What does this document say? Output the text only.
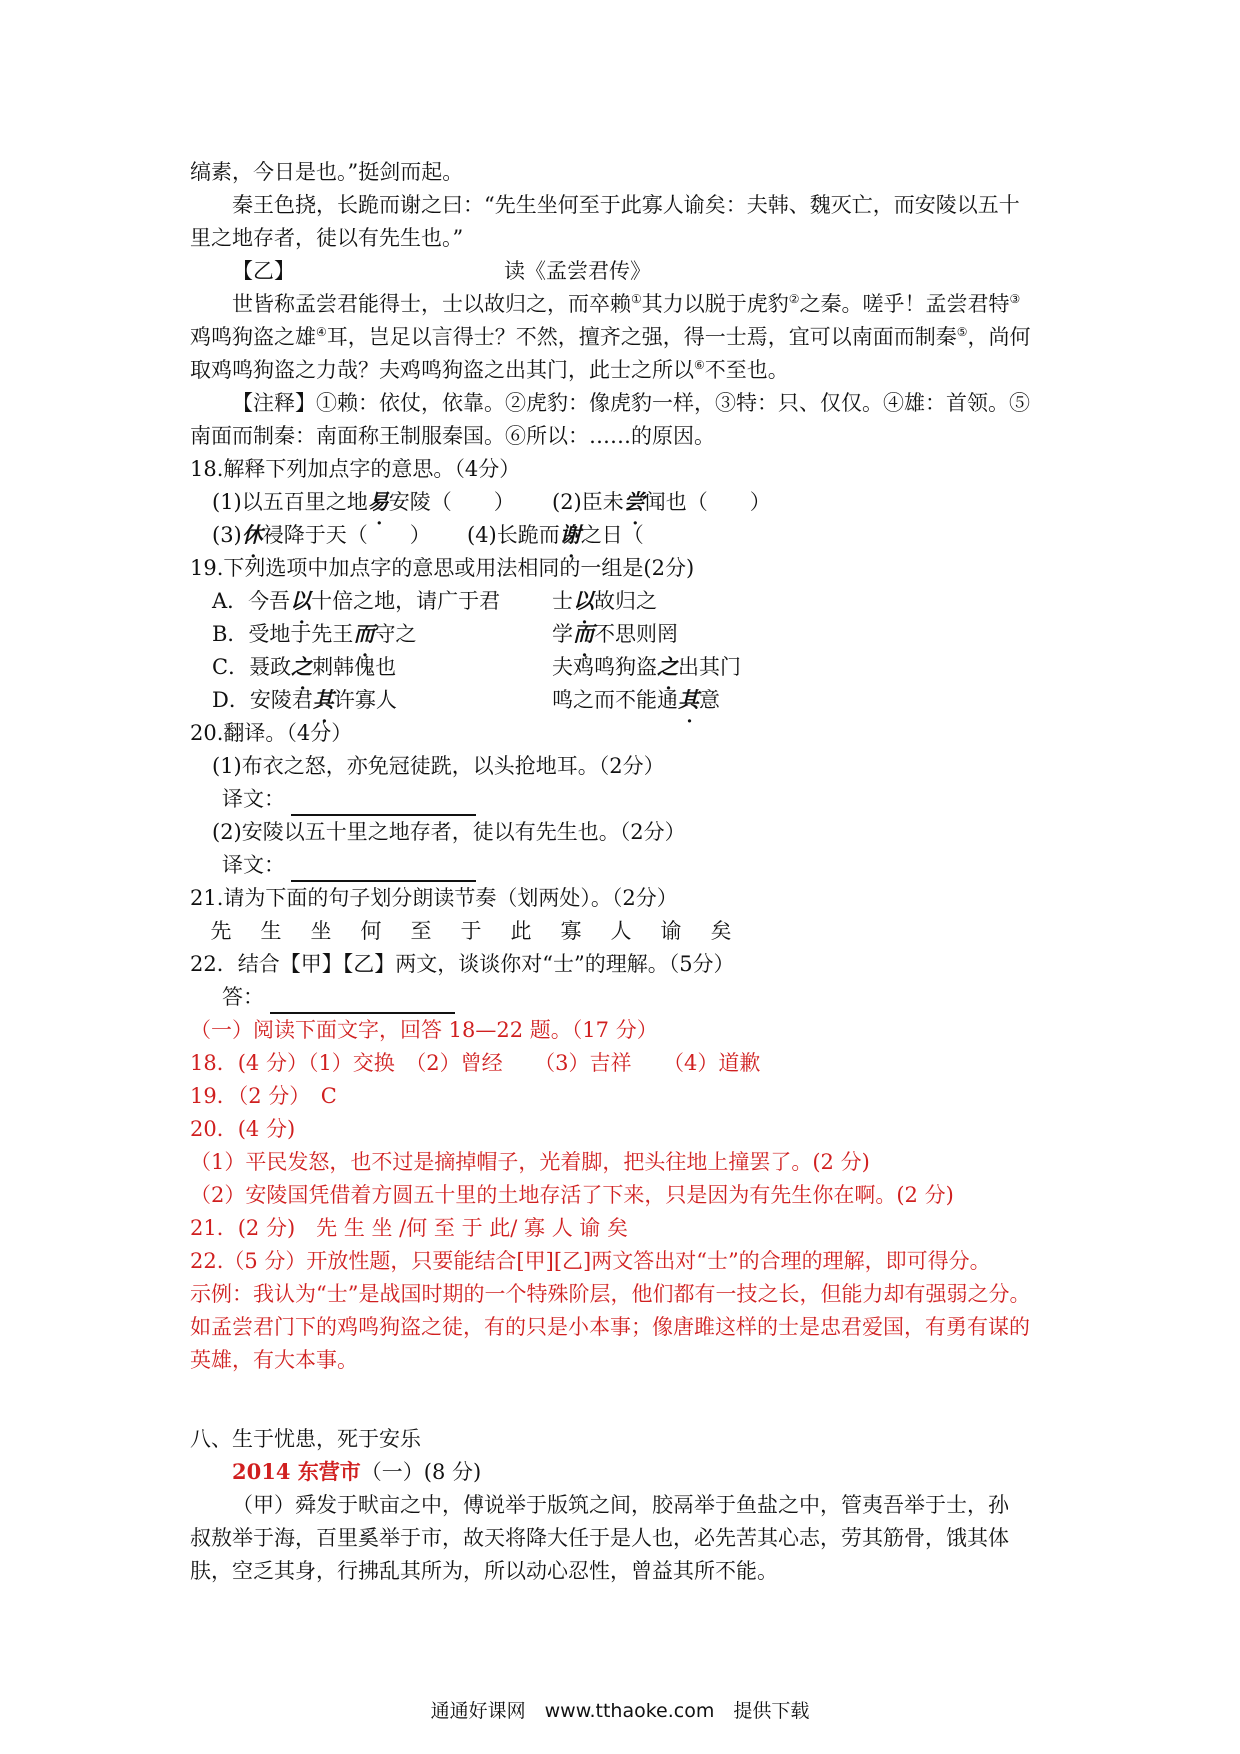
缟素，今日是也。”挺剑而起。
秦王色挠，长跪而谢之曰：“先生坐何至于此寡人谕矣：夫韩、魏灭亡，而安陵以五十
里之地存者，徒以有先生也。”
【乙】	读《孟尝君传》
世皆称孟尝君能得士，士以故归之，而卒赖①其力以脱于虎豹②之秦。嗟乎！孟尝君特③
鸡鸣狗盗之雄④耳，岂足以言得士？不然，擅齐之强，得一士焉，宜可以南面而制秦⑤，尚何
取鸡鸣狗盗之力哉？夫鸡鸣狗盗之出其门，此士之所以⑥不至也。
【注释】①赖：依仗，依靠。②虎豹：像虎豹一样，③特：只、仅仅。④雄：首领。⑤
南面而制秦：南面称王制服秦国。⑥所以：……的原因。
18.解释下列加点字的意思。（4分）
(1)以五百里之地易安陵（　　） (2)臣未尝闻也（　　）
(3)休祲降于天（　　） (4)长跪而谢之日（
19.下列选项中加点字的意思或用法相同的一组是(2分)
A．今吾以十倍之地，请广于君 士以故归之
B．受地于先王而守之	学而不思则罔
C．聂政之刺韩傀也	夫鸡鸣狗盗之出其门
D．安陵君其许寡人	鸣之而不能通其意
20.翻译。（4分）
(1)布衣之怒，亦免冠徒跣，以头抢地耳。（2分）
译文：
(2)安陵以五十里之地存者，徒以有先生也。（2分）
译文：
21.请为下面的句子划分朗读节奏（划两处）。（2分）
先 生 坐 何 至 于 此 寡 人 谕 矣
22．结合【甲】【乙】两文，谈谈你对“士”的理解。（5分）
答：
（一）阅读下面文字，回答 18—22 题。（17 分）
18．(4 分）（1）交换　（2）曾经　　（3）吉祥　　（4）道歉
19．（2 分）　C
20．(4 分)
（1）平民发怒，也不过是摘掉帽子，光着脚，把头往地上撞罢了。(2 分)
（2）安陵国凭借着方圆五十里的土地存活了下来，只是因为有先生你在啊。(2 分)
21．(2 分)　先 生 坐 /何 至 于 此/ 寡 人 谕 矣
22.（5 分）开放性题，只要能结合[甲][乙]两文答出对“士”的合理的理解，即可得分。
示例：我认为“士”是战国时期的一个特殊阶层，他们都有一技之长，但能力却有强弱之分。
如孟尝君门下的鸡鸣狗盗之徒，有的只是小本事；像唐雎这样的士是忠君爱国，有勇有谋的
英雄，有大本事。
八、生于忧患，死于安乐
2014 东营市（一）(8 分)
（甲）舜发于畎亩之中，傅说举于版筑之间，胶鬲举于鱼盐之中，管夷吾举于士，孙
叔敖举于海，百里奚举于市，故天将降大任于是人也，必先苦其心志，劳其筋骨，饿其体
肤，空乏其身，行拂乱其所为，所以动心忍性，曾益其所不能。
通通好课网　www.tthaoke.com　提供下载
